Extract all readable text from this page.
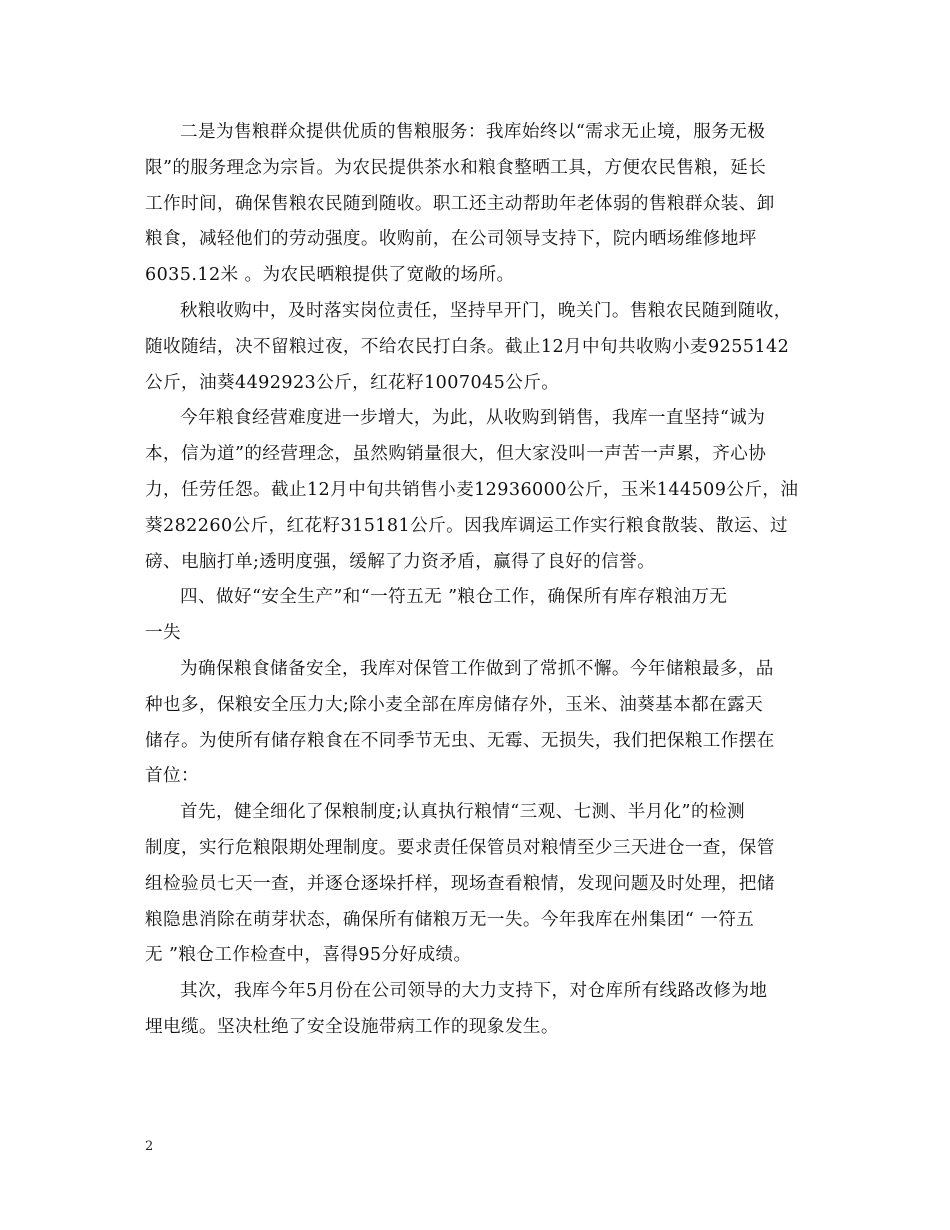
二是为售粮群众提供优质的售粮服务：我库始终以“需求无止境，服务无极
限”的服务理念为宗旨。为农民提供茶水和粮食整晒工具，方便农民售粮，延长
工作时间，确保售粮农民随到随收。职工还主动帮助年老体弱的售粮群众装、卸
粮食，减轻他们的劳动强度。收购前，在公司领导支持下，院内晒场维修地坪
6035.12米 。为农民晒粮提供了宽敞的场所。

秋粮收购中，及时落实岗位责任，坚持早开门，晚关门。售粮农民随到随收，
随收随结，决不留粮过夜，不给农民打白条。截止12月中旬共收购小麦9255142
公斤，油葵4492923公斤，红花籽1007045公斤。

今年粮食经营难度进一步增大，为此，从收购到销售，我库一直坚持“诚为
本，信为道”的经营理念，虽然购销量很大，但大家没叫一声苦一声累，齐心协
力，任劳任怨。截止12月中旬共销售小麦12936000公斤，玉米144509公斤，油
葵282260公斤，红花籽315181公斤。因我库调运工作实行粮食散装、散运、过
磅、电脑打单;透明度强，缓解了力资矛盾，赢得了良好的信誉。

四、做好“安全生产”和“一符五无 ”粮仓工作，确保所有库存粮油万无
一失

为确保粮食储备安全，我库对保管工作做到了常抓不懈。今年储粮最多，品
种也多，保粮安全压力大;除小麦全部在库房储存外，玉米、油葵基本都在露天
储存。为使所有储存粮食在不同季节无虫、无霉、无损失，我们把保粮工作摆在
首位：

首先，健全细化了保粮制度;认真执行粮情“三观、七测、半月化”的检测
制度，实行危粮限期处理制度。要求责任保管员对粮情至少三天进仓一查，保管
组检验员七天一查，并逐仓逐垛扦样，现场查看粮情，发现问题及时处理，把储
粮隐患消除在萌芽状态，确保所有储粮万无一失。今年我库在州集团“ 一符五
无 ”粮仓工作检查中，喜得95分好成绩。

其次，我库今年5月份在公司领导的大力支持下，对仓库所有线路改修为地
埋电缆。坚决杜绝了安全设施带病工作的现象发生。

2
